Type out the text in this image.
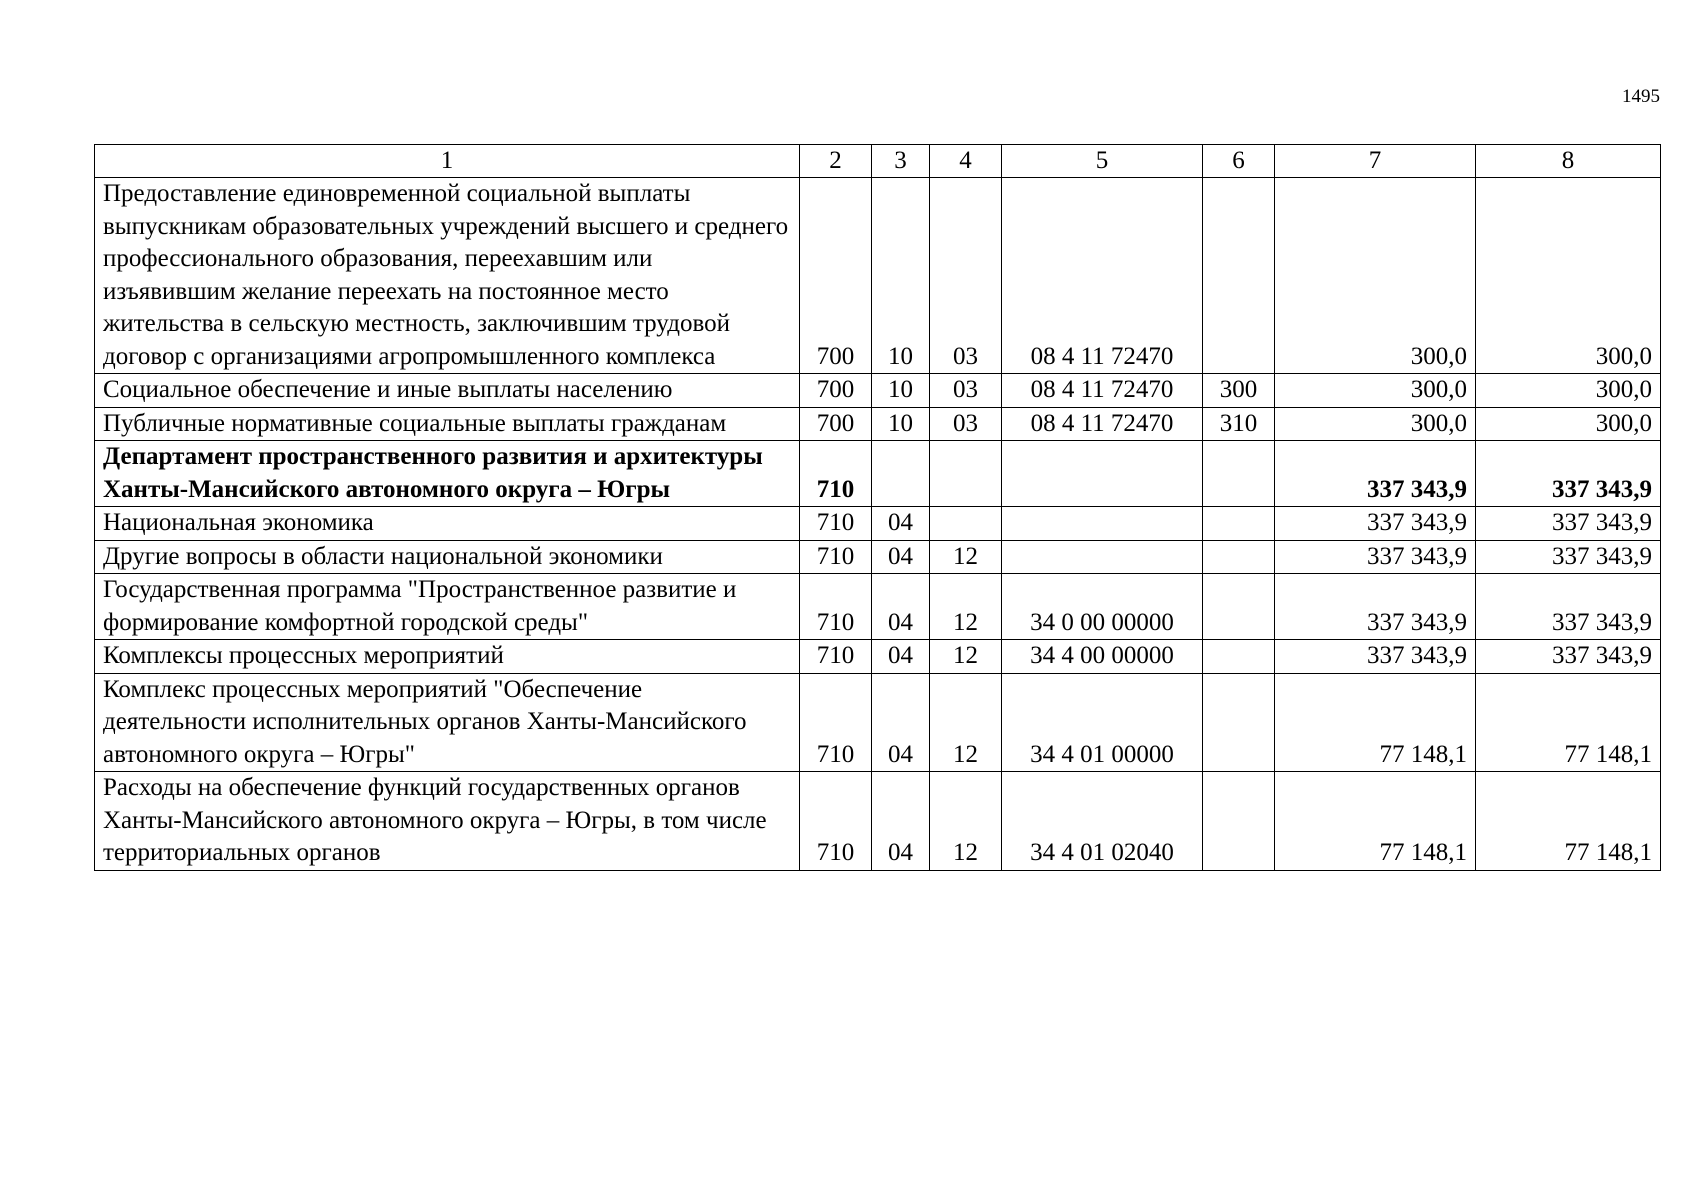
1495
1	2	3	4	5	6	7	8
Предоставление единовременной социальной выплаты выпускникам образовательных учреждений высшего и среднего профессионального образования, переехавшим или изъявившим желание переехать на постоянное место жительства в сельскую местность, заключившим трудовой договор с организациями агропромышленного комплекса	700	10	03	08 4 11 72470		300,0	300,0
Социальное обеспечение и иные выплаты населению	700	10	03	08 4 11 72470	300	300,0	300,0
Публичные нормативные социальные выплаты гражданам	700	10	03	08 4 11 72470	310	300,0	300,0
Департамент пространственного развития и архитектуры Ханты-Мансийского автономного округа – Югры	710					337 343,9	337 343,9
Национальная экономика	710	04				337 343,9	337 343,9
Другие вопросы в области национальной экономики	710	04	12			337 343,9	337 343,9
Государственная программа "Пространственное развитие и формирование комфортной городской среды"	710	04	12	34 0 00 00000		337 343,9	337 343,9
Комплексы процессных мероприятий	710	04	12	34 4 00 00000		337 343,9	337 343,9
Комплекс процессных мероприятий "Обеспечение деятельности исполнительных органов Ханты-Мансийского автономного округа – Югры"	710	04	12	34 4 01 00000		77 148,1	77 148,1
Расходы на обеспечение функций государственных органов Ханты-Мансийского автономного округа – Югры, в том числе территориальных органов	710	04	12	34 4 01 02040		77 148,1	77 148,1
